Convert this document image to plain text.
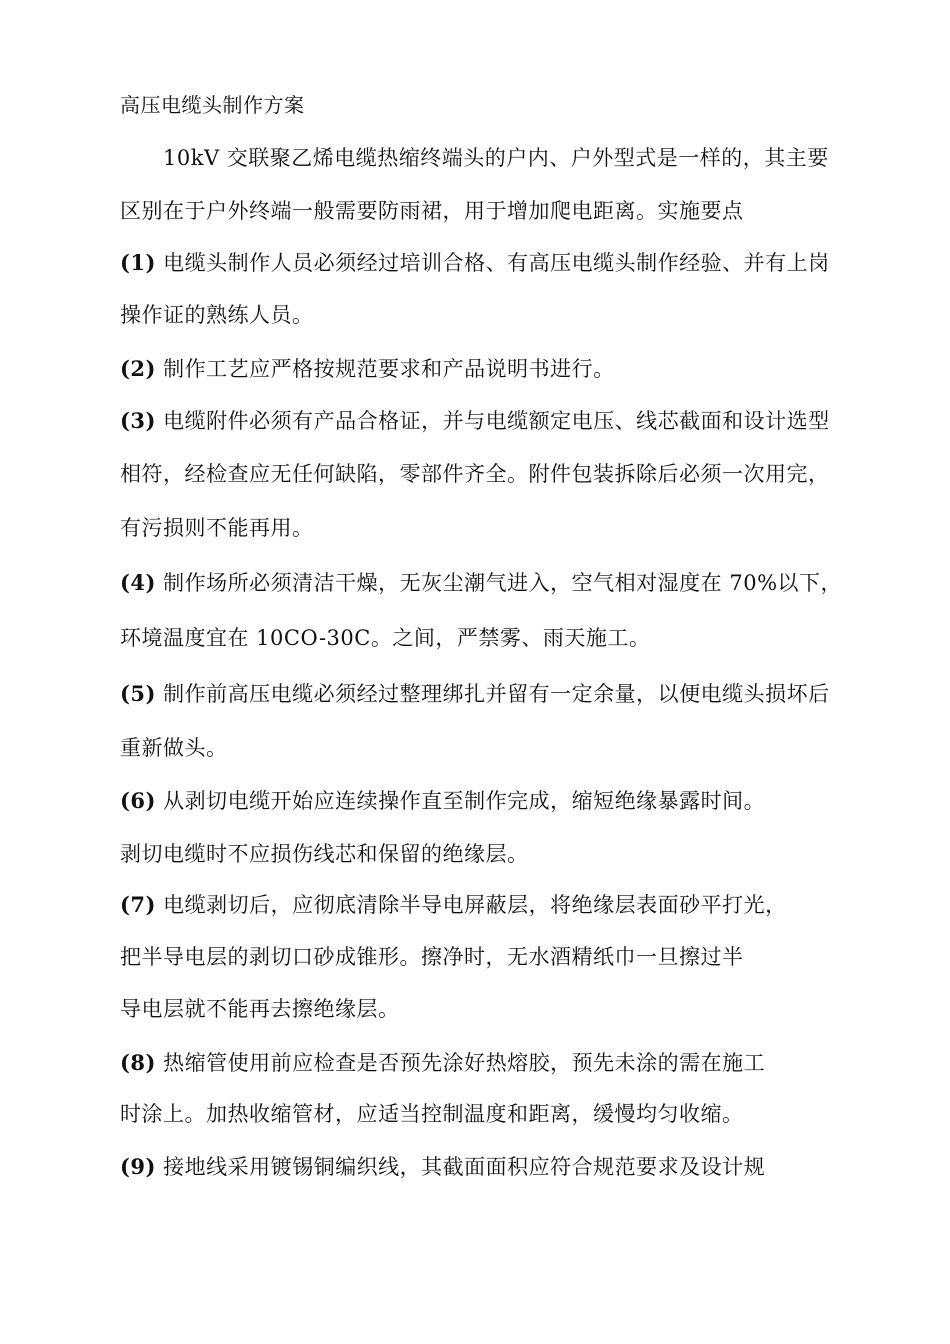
高压电缆头制作方案
10kV 交联聚乙烯电缆热缩终端头的户内、户外型式是一样的，其主要
区别在于户外终端一般需要防雨裙，用于增加爬电距离。实施要点
(1) 电缆头制作人员必须经过培训合格、有高压电缆头制作经验、并有上岗
操作证的熟练人员。
(2) 制作工艺应严格按规范要求和产品说明书进行。
(3) 电缆附件必须有产品合格证，并与电缆额定电压、线芯截面和设计选型
相符，经检查应无任何缺陷，零部件齐全。附件包装拆除后必须一次用完，
有污损则不能再用。
(4) 制作场所必须清洁干燥，无灰尘潮气进入，空气相对湿度在 70%以下，
环境温度宜在 10CO-30C。之间，严禁雾、雨天施工。
(5) 制作前高压电缆必须经过整理绑扎并留有一定余量，以便电缆头损坏后
重新做头。
(6) 从剥切电缆开始应连续操作直至制作完成，缩短绝缘暴露时间。
剥切电缆时不应损伤线芯和保留的绝缘层。
(7) 电缆剥切后，应彻底清除半导电屏蔽层，将绝缘层表面砂平打光，
把半导电层的剥切口砂成锥形。擦净时，无水酒精纸巾一旦擦过半
导电层就不能再去擦绝缘层。
(8) 热缩管使用前应检查是否预先涂好热熔胶，预先未涂的需在施工
时涂上。加热收缩管材，应适当控制温度和距离，缓慢均匀收缩。
(9) 接地线采用镀锡铜编织线，其截面面积应符合规范要求及设计规
